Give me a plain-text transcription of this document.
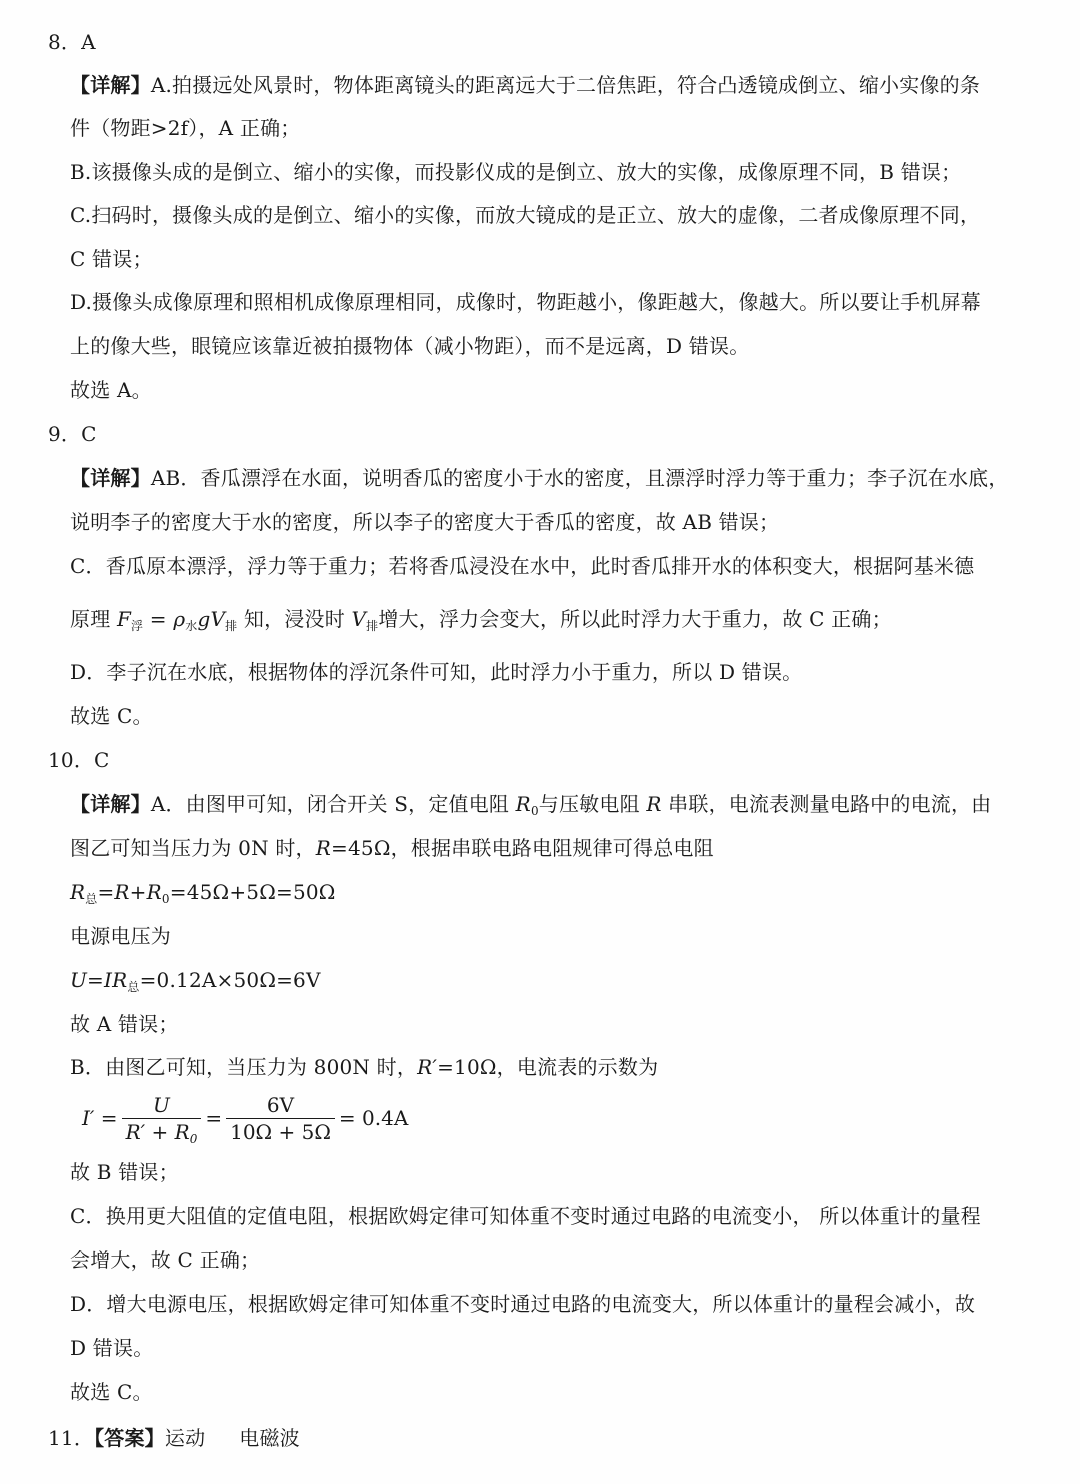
8．A
【详解】A.拍摄远处风景时，物体距离镜头的距离远大于二倍焦距，符合凸透镜成倒立、缩小实像的条
件（物距>2f），A 正确；
B.该摄像头成的是倒立、缩小的实像，而投影仪成的是倒立、放大的实像，成像原理不同，B 错误；
C.扫码时，摄像头成的是倒立、缩小的实像，而放大镜成的是正立、放大的虚像，二者成像原理不同，
C 错误；
D.摄像头成像原理和照相机成像原理相同，成像时，物距越小，像距越大，像越大。所以要让手机屏幕
上的像大些，眼镜应该靠近被拍摄物体（减小物距），而不是远离，D 错误。
故选 A。
9．C
【详解】AB．香瓜漂浮在水面，说明香瓜的密度小于水的密度，且漂浮时浮力等于重力；李子沉在水底，
说明李子的密度大于水的密度，所以李子的密度大于香瓜的密度，故 AB 错误；
C．香瓜原本漂浮，浮力等于重力；若将香瓜浸没在水中，此时香瓜排开水的体积变大，根据阿基米德
原理 $F_浮 = \rho_水gV_排$ 知，浸没时 $V_排$增大，浮力会变大，所以此时浮力大于重力，故 C 正确；
D．李子沉在水底，根据物体的浮沉条件可知，此时浮力小于重力，所以 D 错误。
故选 C。
10．C
【详解】A．由图甲可知，闭合开关 S，定值电阻 $R_0$与压敏电阻 R 串联，电流表测量电路中的电流，由
图乙可知当压力为 0N 时，R=45Ω，根据串联电路电阻规律可得总电阻
$R_总=R+R_0=45\Omega+5\Omega=50\Omega$
电源电压为
$U=IR_总=0.12A\times 50\Omega=6V$
故 A 错误；
B．由图乙可知，当压力为 800N 时，R′=10Ω，电流表的示数为
$I' = \frac{U}{R' + R_0} = \frac{6V}{10\Omega + 5\Omega} = 0.4A$
故 B 错误；
C．换用更大阻值的定值电阻，根据欧姆定律可知体重不变时通过电路的电流变小， 所以体重计的量程
会增大，故 C 正确；
D．增大电源电压，根据欧姆定律可知体重不变时通过电路的电流变大，所以体重计的量程会减小，故
D 错误。
故选 C。
11．【答案】运动 电磁波
